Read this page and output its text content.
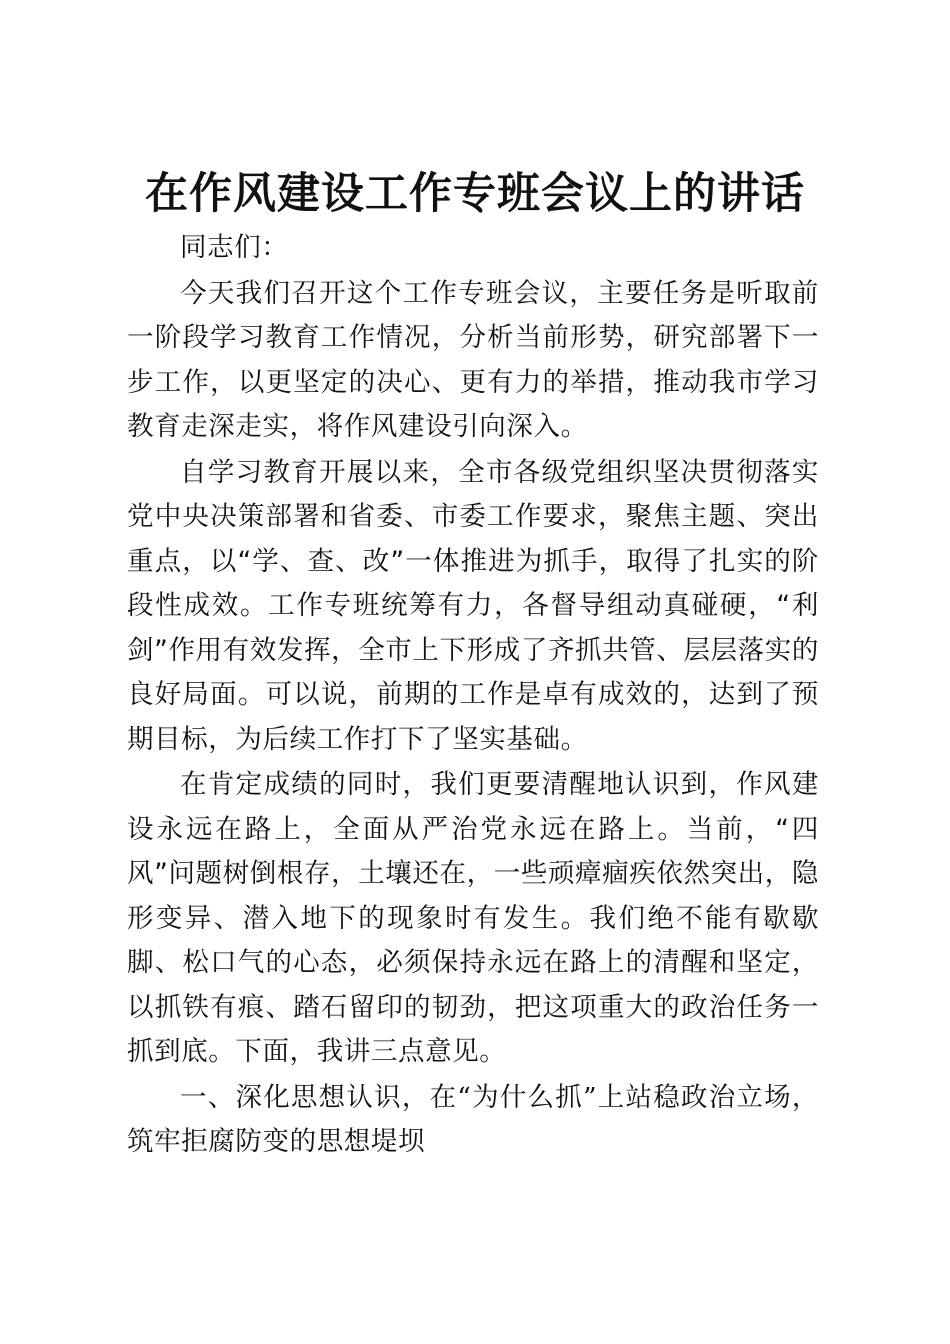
在作风建设工作专班会议上的讲话

同志们：

今天我们召开这个工作专班会议，主要任务是听取前一阶段学习教育工作情况，分析当前形势，研究部署下一步工作，以更坚定的决心、更有力的举措，推动我市学习教育走深走实，将作风建设引向深入。

自学习教育开展以来，全市各级党组织坚决贯彻落实党中央决策部署和省委、市委工作要求，聚焦主题、突出重点，以“学、查、改”一体推进为抓手，取得了扎实的阶段性成效。工作专班统筹有力，各督导组动真碰硬，“利剑”作用有效发挥，全市上下形成了齐抓共管、层层落实的良好局面。可以说，前期的工作是卓有成效的，达到了预期目标，为后续工作打下了坚实基础。

在肯定成绩的同时，我们更要清醒地认识到，作风建设永远在路上，全面从严治党永远在路上。当前，“四风”问题树倒根存，土壤还在，一些顽瘴痼疾依然突出，隐形变异、潜入地下的现象时有发生。我们绝不能有歇歇脚、松口气的心态，必须保持永远在路上的清醒和坚定，以抓铁有痕、踏石留印的韧劲，把这项重大的政治任务一抓到底。下面，我讲三点意见。

一、深化思想认识，在“为什么抓”上站稳政治立场，筑牢拒腐防变的思想堤坝
